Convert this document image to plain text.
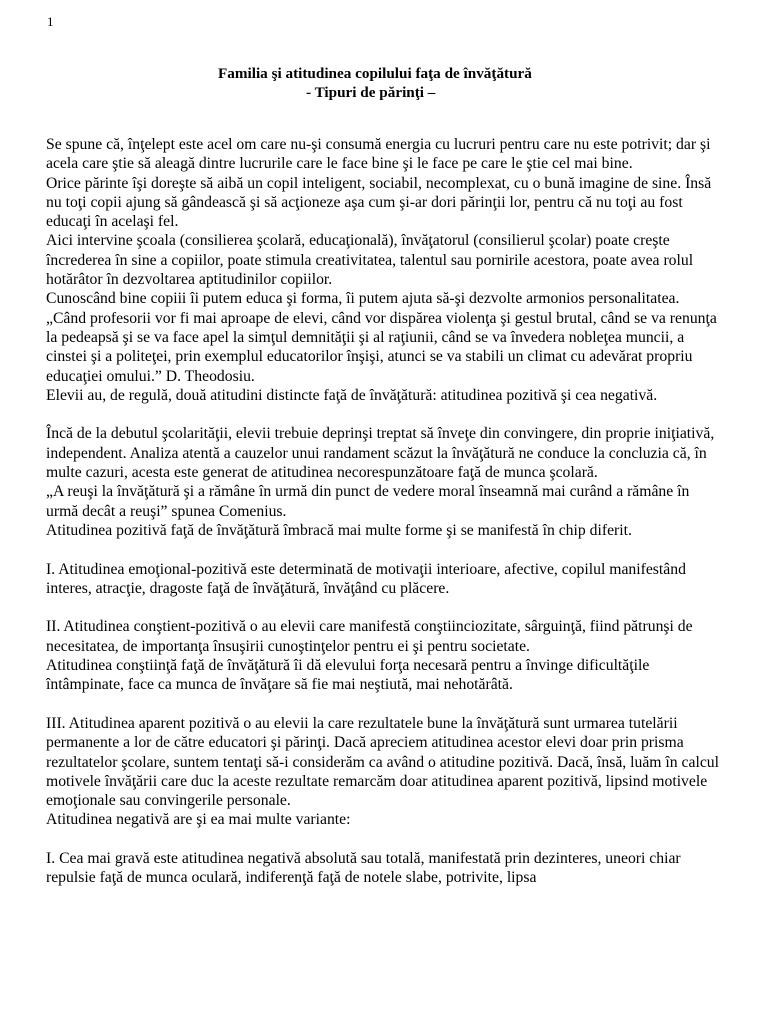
1
Familia şi atitudinea copilului faţa de învăţătură
- Tipuri de părinţi –

Se spune că, înţelept este acel om care nu-şi consumă energia cu lucruri pentru care nu este potrivit; dar şi acela care ştie să aleagă dintre lucrurile care le face bine şi le face pe care le ştie cel mai bine.

Orice părinte îşi doreşte să aibă un copil inteligent, sociabil, necomplexat, cu o bună imagine de sine. Însă nu toţi copii ajung să gândească şi să acţioneze aşa cum şi-ar dori părinţii lor, pentru că nu toţi au fost educaţi în acelaşi fel.

Aici intervine şcoala (consilierea şcolară, educaţională), învăţatorul (consilierul şcolar) poate creşte încrederea în sine a copiilor, poate stimula creativitatea, talentul sau pornirile acestora, poate avea rolul hotărâtor în dezvoltarea aptitudinilor copiilor.

Cunoscând bine copiii îi putem educa şi forma, îi putem ajuta să-şi dezvolte armonios personalitatea.

„Când profesorii vor fi mai aproape de elevi, când vor dispărea violenţa şi gestul brutal, când se va renunţa la pedeapsă şi se va face apel la simţul demnităţii şi al raţiunii, când se va învedera nobleţea muncii, a cinstei şi a politeţei, prin exemplul educatorilor înşişi, atunci se va stabili un climat cu adevărat propriu educaţiei omului.” D. Theodosiu.

Elevii au, de regulă, două atitudini distincte faţă de învăţătură: atitudinea pozitivă şi cea negativă.

Încă de la debutul şcolarităţii, elevii trebuie deprinşi treptat să înveţe din convingere, din proprie iniţiativă, independent. Analiza atentă a cauzelor unui randament scăzut la învăţătură ne conduce la concluzia că, în multe cazuri, acesta este generat de atitudinea necorespunzătoare faţă de munca şcolară.

„A reuşi la învăţătură şi a rămâne în urmă din punct de vedere moral înseamnă mai curând a rămâne în urmă decât a reuşi” spunea Comenius.

Atitudinea pozitivă faţă de învăţătură îmbracă mai multe forme şi se manifestă în chip diferit.

I. Atitudinea emoţional-pozitivă este determinată de motivaţii interioare, afective, copilul manifestând interes, atracţie, dragoste faţă de învăţătură, învăţând cu plăcere.

II. Atitudinea conştient-pozitivă o au elevii care manifestă conştiinciozitate, sârguinţă, fiind pătrunşi de necesitatea, de importanţa însuşirii cunoştinţelor pentru ei şi pentru societate.

Atitudinea conştiinţă faţă de învăţătură îi dă elevului forţa necesară pentru a învinge dificultăţile întâmpinate, face ca munca de învăţare să fie mai neştiută, mai nehotărâtă.

III. Atitudinea aparent pozitivă o au elevii la care rezultatele bune la învăţătură sunt urmarea tutelării permanente a lor de către educatori şi părinţi. Dacă apreciem atitudinea acestor elevi doar prin prisma rezultatelor şcolare, suntem tentaţi să-i considerăm ca având o atitudine pozitivă. Dacă, însă, luăm în calcul motivele învăţării care duc la aceste rezultate remarcăm doar atitudinea aparent pozitivă, lipsind motivele emoţionale sau convingerile personale.

Atitudinea negativă are şi ea mai multe variante:

I. Cea mai gravă este atitudinea negativă absolută sau totală, manifestată prin dezinteres, uneori chiar repulsie faţă de munca oculară, indiferenţă faţă de notele slabe, potrivite, lipsa
